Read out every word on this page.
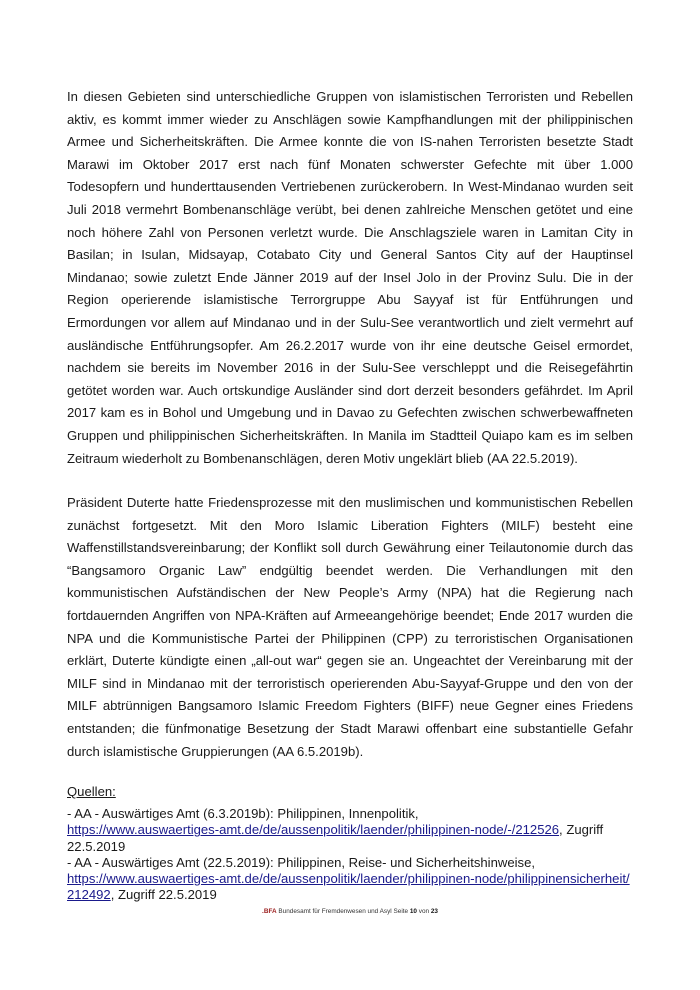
In diesen Gebieten sind unterschiedliche Gruppen von islamistischen Terroristen und Rebellen aktiv, es kommt immer wieder zu Anschlägen sowie Kampfhandlungen mit der philippinischen Armee und Sicherheitskräften. Die Armee konnte die von IS-nahen Terroristen besetzte Stadt Marawi im Oktober 2017 erst nach fünf Monaten schwerster Gefechte mit über 1.000 Todesopfern und hunderttausenden Vertriebenen zurückerobern. In West-Mindanao wurden seit Juli 2018 vermehrt Bombenanschläge verübt, bei denen zahlreiche Menschen getötet und eine noch höhere Zahl von Personen verletzt wurde. Die Anschlagsziele waren in Lamitan City in Basilan; in Isulan, Midsayap, Cotabato City und General Santos City auf der Hauptinsel Mindanao; sowie zuletzt Ende Jänner 2019 auf der Insel Jolo in der Provinz Sulu. Die in der Region operierende islamistische Terrorgruppe Abu Sayyaf ist für Entführungen und Ermordungen vor allem auf Mindanao und in der Sulu-See verantwortlich und zielt vermehrt auf ausländische Entführungsopfer. Am 26.2.2017 wurde von ihr eine deutsche Geisel ermordet, nachdem sie bereits im November 2016 in der Sulu-See verschleppt und die Reisegefährtin getötet worden war. Auch ortskundige Ausländer sind dort derzeit besonders gefährdet. Im April 2017 kam es in Bohol und Umgebung und in Davao zu Gefechten zwischen schwerbewaffneten Gruppen und philippinischen Sicherheitskräften. In Manila im Stadtteil Quiapo kam es im selben Zeitraum wiederholt zu Bombenanschlägen, deren Motiv ungeklärt blieb (AA 22.5.2019).

Präsident Duterte hatte Friedensprozesse mit den muslimischen und kommunistischen Rebellen zunächst fortgesetzt. Mit den Moro Islamic Liberation Fighters (MILF) besteht eine Waffenstillstandsvereinbarung; der Konflikt soll durch Gewährung einer Teilautonomie durch das “Bangsamoro Organic Law” endgültig beendet werden. Die Verhandlungen mit den kommunistischen Aufständischen der New People’s Army (NPA) hat die Regierung nach fortdauernden Angriffen von NPA-Kräften auf Armeeangehörige beendet; Ende 2017 wurden die NPA und die Kommunistische Partei der Philippinen (CPP) zu terroristischen Organisationen erklärt, Duterte kündigte einen „all-out war“ gegen sie an. Ungeachtet der Vereinbarung mit der MILF sind in Mindanao mit der terroristisch operierenden Abu-Sayyaf-Gruppe und den von der MILF abtrünnigen Bangsamoro Islamic Freedom Fighters (BIFF) neue Gegner eines Friedens entstanden; die fünfmonatige Besetzung der Stadt Marawi offenbart eine substantielle Gefahr durch islamistische Gruppierungen (AA 6.5.2019b).

Quellen:

- AA - Auswärtiges Amt (6.3.2019b): Philippinen, Innenpolitik,
https://www.auswaertiges-amt.de/de/aussenpolitik/laender/philippinen-node/-/212526, Zugriff 22.5.2019

- AA - Auswärtiges Amt (22.5.2019): Philippinen, Reise- und Sicherheitshinweise,
https://www.auswaertiges-amt.de/de/aussenpolitik/laender/philippinen-node/philippinensicherheit/212492, Zugriff 22.5.2019

.BFA Bundesamt für Fremdenwesen und Asyl Seite 10 von 23
